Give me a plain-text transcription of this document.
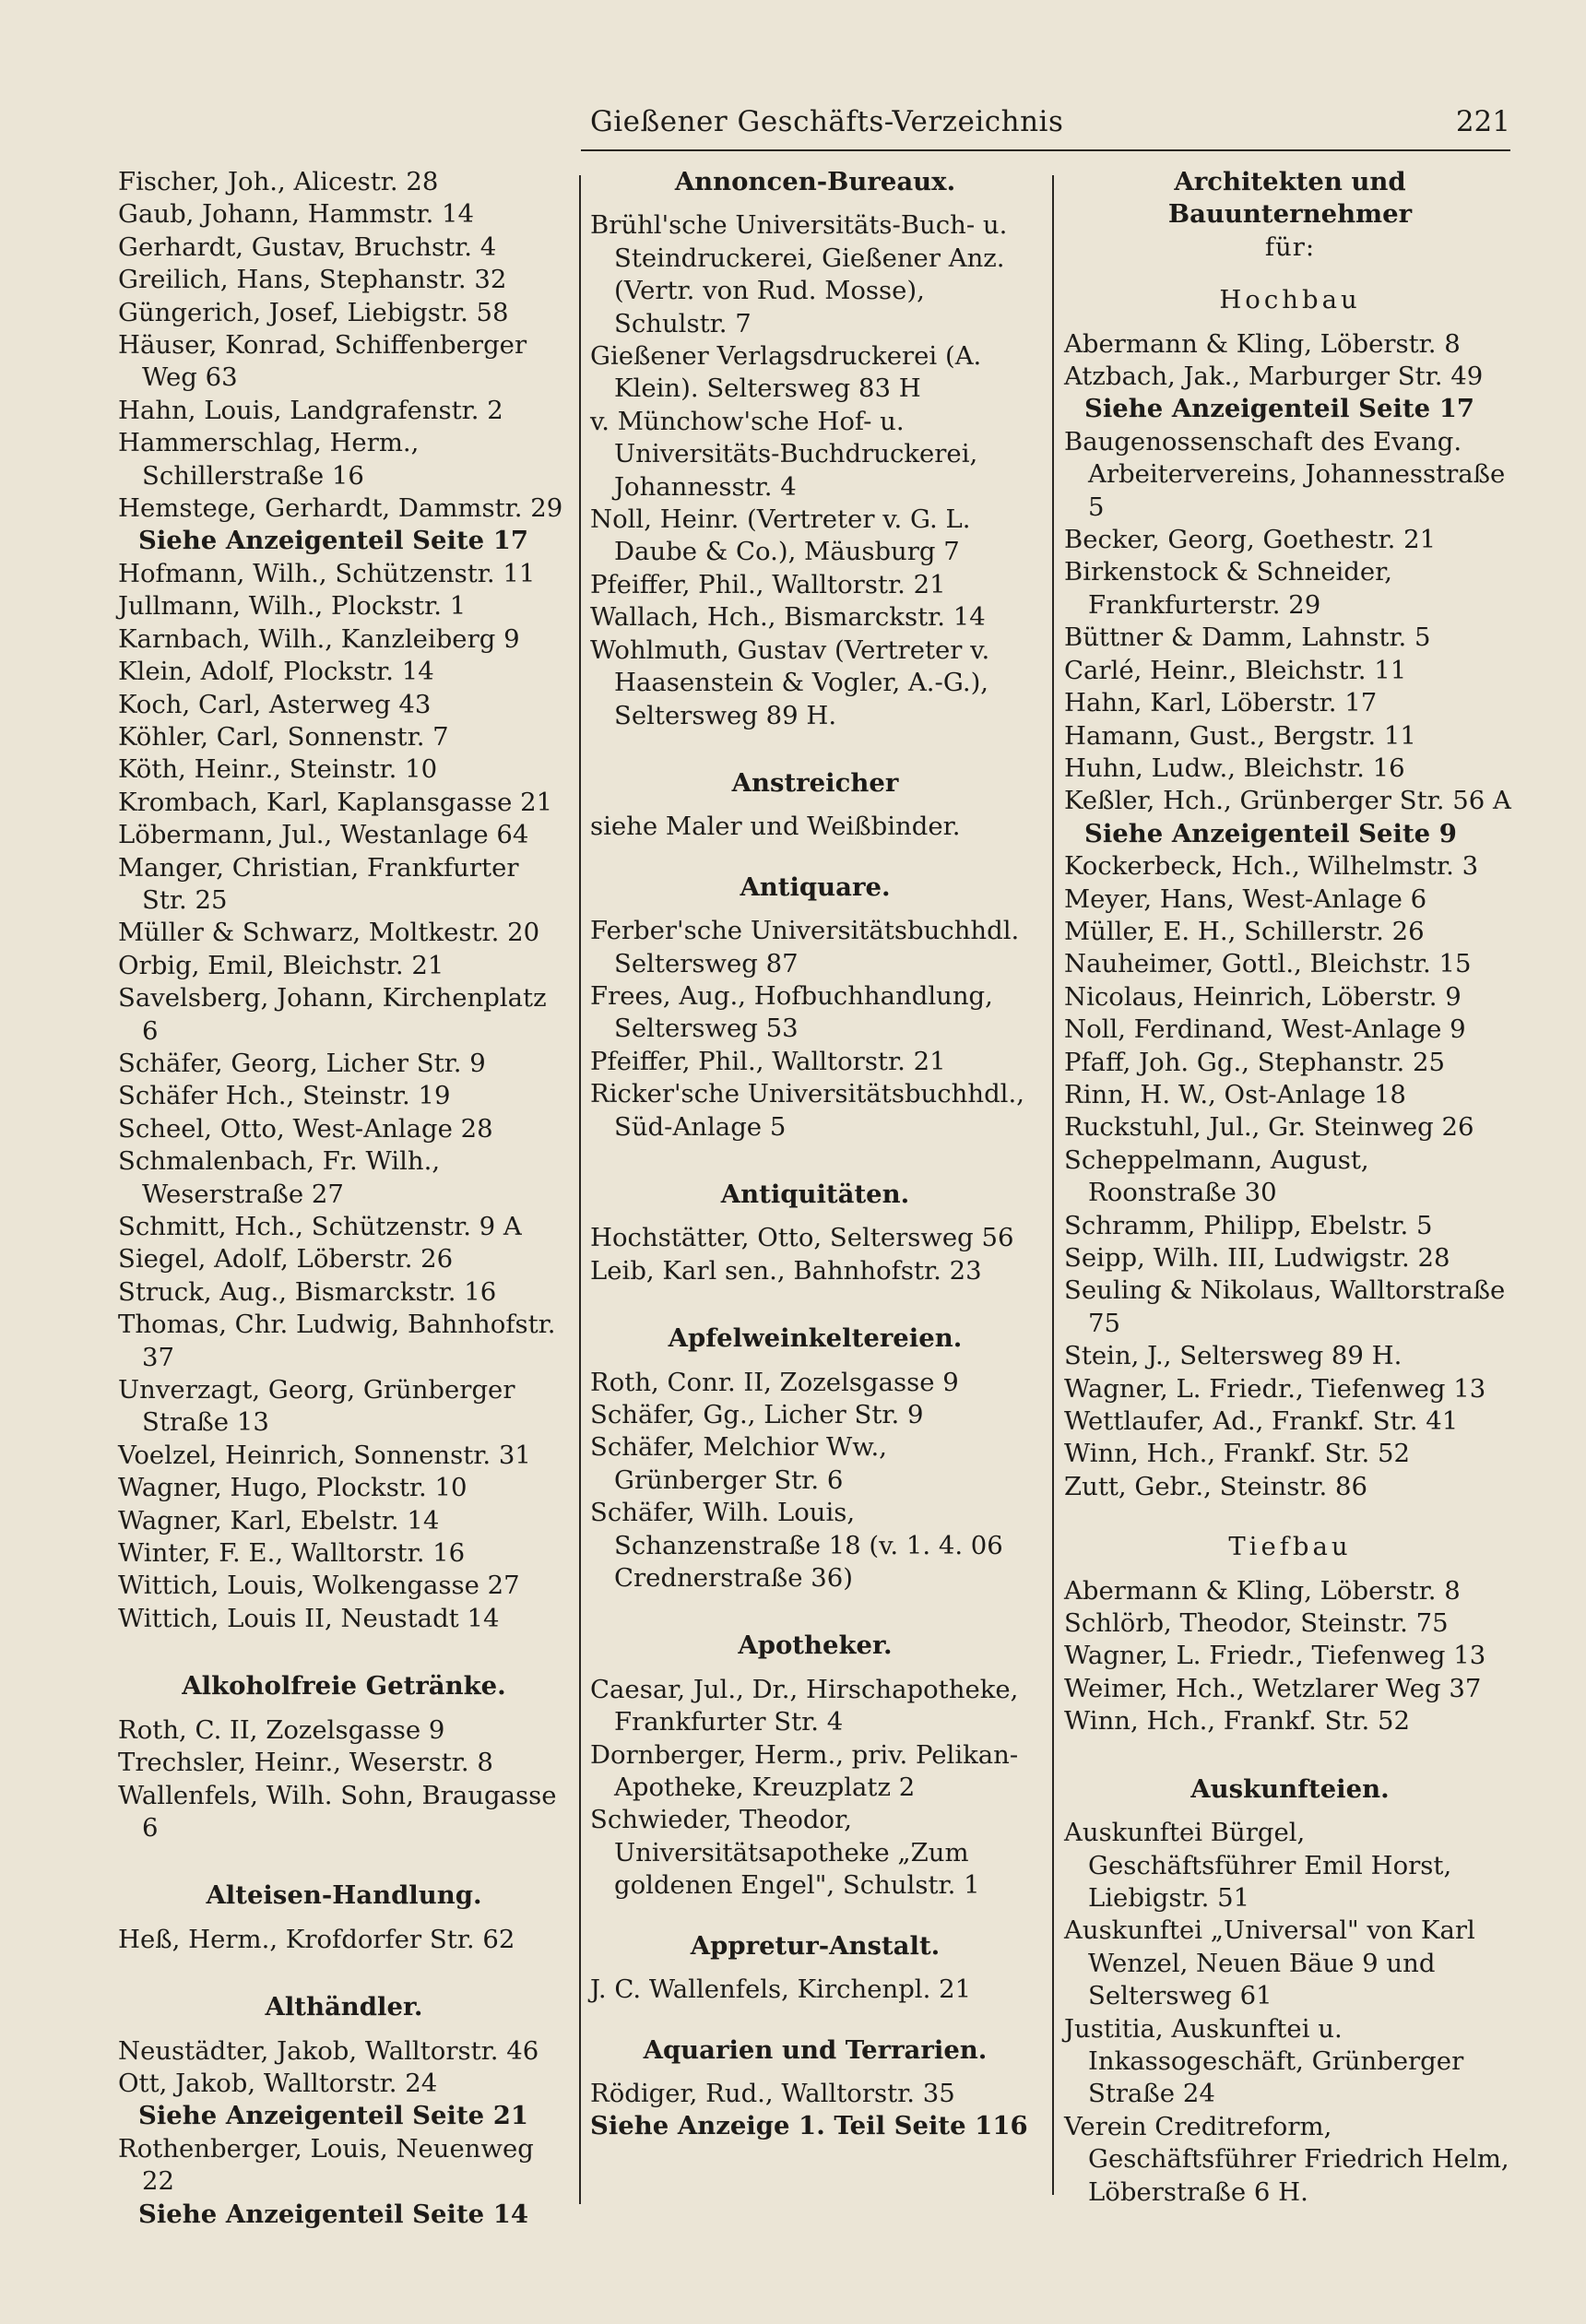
Gießener Geschäfts-Verzeichnis	221
Fischer, Joh., Alicestr. 28
Gaub, Johann, Hammstr. 14
Gerhardt, Gustav, Bruchstr. 4
Greilich, Hans, Stephanstr. 32
Güngerich, Josef, Liebigstr. 58
Häuser, Konrad, Schiffenberger Weg 63
Hahn, Louis, Landgrafenstr. 2
Hammerschlag, Herm., Schillerstraße 16
Hemstege, Gerhardt, Dammstr. 29
Siehe Anzeigenteil Seite 17
Hofmann, Wilh., Schützenstr. 11
Jullmann, Wilh., Plockstr. 1
Karnbach, Wilh., Kanzleiberg 9
Klein, Adolf, Plockstr. 14
Koch, Carl, Asterweg 43
Köhler, Carl, Sonnenstr. 7
Köth, Heinr., Steinstr. 10
Krombach, Karl, Kaplansgasse 21
Löbermann, Jul., Westanlage 64
Manger, Christian, Frankfurter Str. 25
Müller & Schwarz, Moltkestr. 20
Orbig, Emil, Bleichstr. 21
Savelsberg, Johann, Kirchenplatz 6
Schäfer, Georg, Licher Str. 9
Schäfer Hch., Steinstr. 19
Scheel, Otto, West-Anlage 28
Schmalenbach, Fr. Wilh., Weserstraße 27
Schmitt, Hch., Schützenstr. 9 A
Siegel, Adolf, Löberstr. 26
Struck, Aug., Bismarckstr. 16
Thomas, Chr. Ludwig, Bahnhofstr. 37
Unverzagt, Georg, Grünberger Straße 13
Voelzel, Heinrich, Sonnenstr. 31
Wagner, Hugo, Plockstr. 10
Wagner, Karl, Ebelstr. 14
Winter, F. E., Walltorstr. 16
Wittich, Louis, Wolkengasse 27
Wittich, Louis II, Neustadt 14
Alkoholfreie Getränke.
Roth, C. II, Zozelsgasse 9
Trechsler, Heinr., Weserstr. 8
Wallenfels, Wilh. Sohn, Braugasse 6
Alteisen-Handlung.
Heß, Herm., Krofdorfer Str. 62
Althändler.
Neustädter, Jakob, Walltorstr. 46
Ott, Jakob, Walltorstr. 24
Siehe Anzeigenteil Seite 21
Rothenberger, Louis, Neuenweg 22
Siehe Anzeigenteil Seite 14
Annoncen-Bureaux.
Brühl'sche Universitäts-Buch- u. Steindruckerei, Gießener Anz. (Vertr. von Rud. Mosse), Schulstr. 7
Gießener Verlagsdruckerei (A. Klein). Seltersweg 83 H
v. Münchow'sche Hof- u. Universitäts-Buchdruckerei, Johannesstr. 4
Noll, Heinr. (Vertreter v. G. L. Daube & Co.), Mäusburg 7
Pfeiffer, Phil., Walltorstr. 21
Wallach, Hch., Bismarckstr. 14
Wohlmuth, Gustav (Vertreter v. Haasenstein & Vogler, A.-G.), Seltersweg 89 H.
Anstreicher
siehe Maler und Weißbinder.
Antiquare.
Ferber'sche Universitätsbuchhdl. Seltersweg 87
Frees, Aug., Hofbuchhandlung, Seltersweg 53
Pfeiffer, Phil., Walltorstr. 21
Ricker'sche Universitätsbuchhdl., Süd-Anlage 5
Antiquitäten.
Hochstätter, Otto, Seltersweg 56
Leib, Karl sen., Bahnhofstr. 23
Apfelweinkeltereien.
Roth, Conr. II, Zozelsgasse 9
Schäfer, Gg., Licher Str. 9
Schäfer, Melchior Ww., Grünberger Str. 6
Schäfer, Wilh. Louis, Schanzenstraße 18 (v. 1. 4. 06 Crednerstraße 36)
Apotheker.
Caesar, Jul., Dr., Hirschapotheke, Frankfurter Str. 4
Dornberger, Herm., priv. Pelikan-Apotheke, Kreuzplatz 2
Schwieder, Theodor, Universitätsapotheke „Zum goldenen Engel", Schulstr. 1
Appretur-Anstalt.
J. C. Wallenfels, Kirchenpl. 21
Aquarien und Terrarien.
Rödiger, Rud., Walltorstr. 35
Siehe Anzeige 1. Teil Seite 116
Architekten und Bauunternehmer
für:
Hochbau
Abermann & Kling, Löberstr. 8
Atzbach, Jak., Marburger Str. 49
Siehe Anzeigenteil Seite 17
Baugenossenschaft des Evang. Arbeitervereins, Johannesstraße 5
Becker, Georg, Goethestr. 21
Birkenstock & Schneider, Frankfurterstr. 29
Büttner & Damm, Lahnstr. 5
Carlé, Heinr., Bleichstr. 11
Hahn, Karl, Löberstr. 17
Hamann, Gust., Bergstr. 11
Huhn, Ludw., Bleichstr. 16
Keßler, Hch., Grünberger Str. 56 A
Siehe Anzeigenteil Seite 9
Kockerbeck, Hch., Wilhelmstr. 3
Meyer, Hans, West-Anlage 6
Müller, E. H., Schillerstr. 26
Nauheimer, Gottl., Bleichstr. 15
Nicolaus, Heinrich, Löberstr. 9
Noll, Ferdinand, West-Anlage 9
Pfaff, Joh. Gg., Stephanstr. 25
Rinn, H. W., Ost-Anlage 18
Ruckstuhl, Jul., Gr. Steinweg 26
Scheppelmann, August, Roonstraße 30
Schramm, Philipp, Ebelstr. 5
Seipp, Wilh. III, Ludwigstr. 28
Seuling & Nikolaus, Walltorstraße 75
Stein, J., Seltersweg 89 H.
Wagner, L. Friedr., Tiefenweg 13
Wettlaufer, Ad., Frankf. Str. 41
Winn, Hch., Frankf. Str. 52
Zutt, Gebr., Steinstr. 86
Tiefbau
Abermann & Kling, Löberstr. 8
Schlörb, Theodor, Steinstr. 75
Wagner, L. Friedr., Tiefenweg 13
Weimer, Hch., Wetzlarer Weg 37
Winn, Hch., Frankf. Str. 52
Auskunfteien.
Auskunftei Bürgel, Geschäftsführer Emil Horst, Liebigstr. 51
Auskunftei „Universal" von Karl Wenzel, Neuen Bäue 9 und Seltersweg 61
Justitia, Auskunftei u. Inkassogeschäft, Grünberger Straße 24
Verein Creditreform, Geschäftsführer Friedrich Helm, Löberstraße 6 H.
